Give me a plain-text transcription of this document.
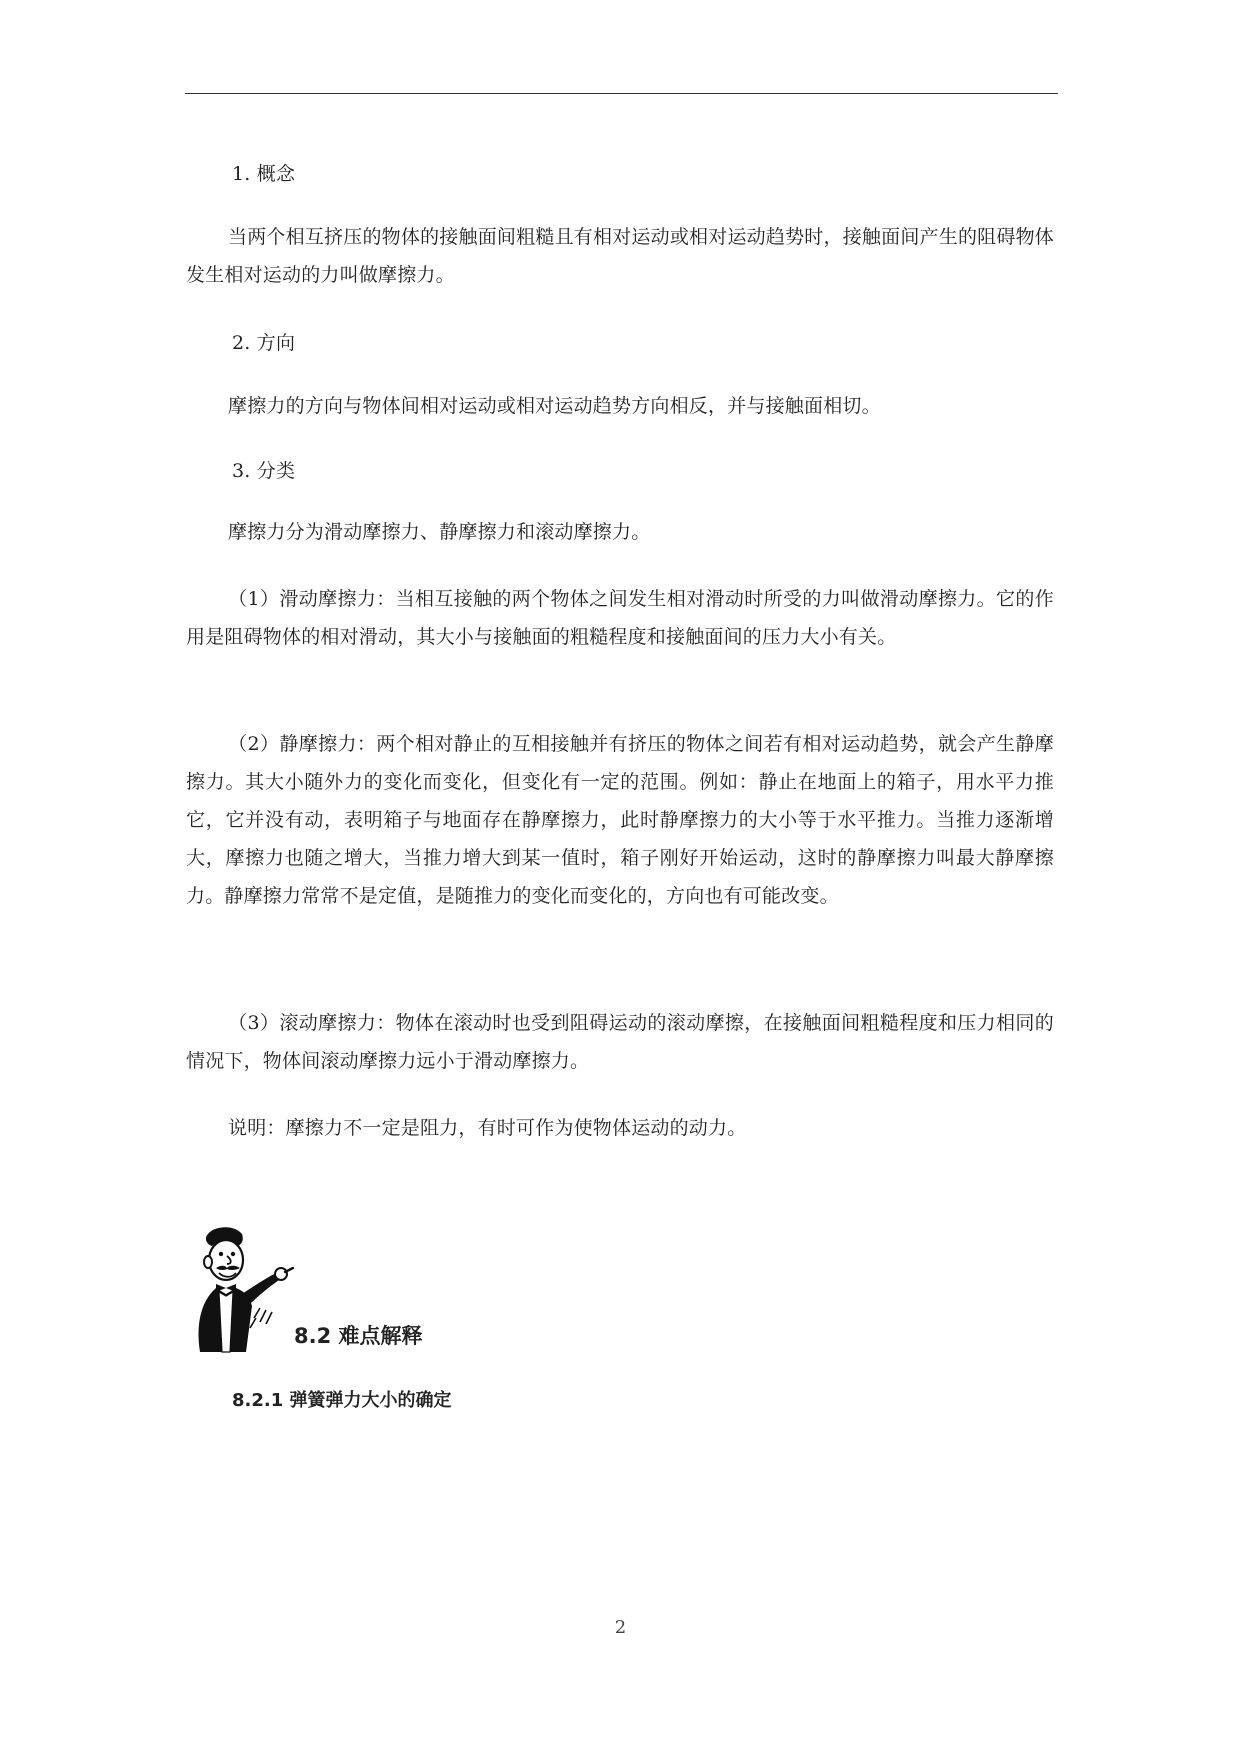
1. 概念
当两个相互挤压的物体的接触面间粗糙且有相对运动或相对运动趋势时，接触面间产生的阻碍物体发生相对运动的力叫做摩擦力。
2. 方向
摩擦力的方向与物体间相对运动或相对运动趋势方向相反，并与接触面相切。
3. 分类
摩擦力分为滑动摩擦力、静摩擦力和滚动摩擦力。
（1）滑动摩擦力：当相互接触的两个物体之间发生相对滑动时所受的力叫做滑动摩擦力。它的作用是阻碍物体的相对滑动，其大小与接触面的粗糙程度和接触面间的压力大小有关。
（2）静摩擦力：两个相对静止的互相接触并有挤压的物体之间若有相对运动趋势，就会产生静摩擦力。其大小随外力的变化而变化，但变化有一定的范围。例如：静止在地面上的箱子，用水平力推它，它并没有动，表明箱子与地面存在静摩擦力，此时静摩擦力的大小等于水平推力。当推力逐渐增大，摩擦力也随之增大，当推力增大到某一值时，箱子刚好开始运动，这时的静摩擦力叫最大静摩擦力。静摩擦力常常不是定值，是随推力的变化而变化的，方向也有可能改变。
（3）滚动摩擦力：物体在滚动时也受到阻碍运动的滚动摩擦，在接触面间粗糙程度和压力相同的情况下，物体间滚动摩擦力远小于滑动摩擦力。
说明：摩擦力不一定是阻力，有时可作为使物体运动的动力。
8.2 难点解释
8.2.1 弹簧弹力大小的确定
2
